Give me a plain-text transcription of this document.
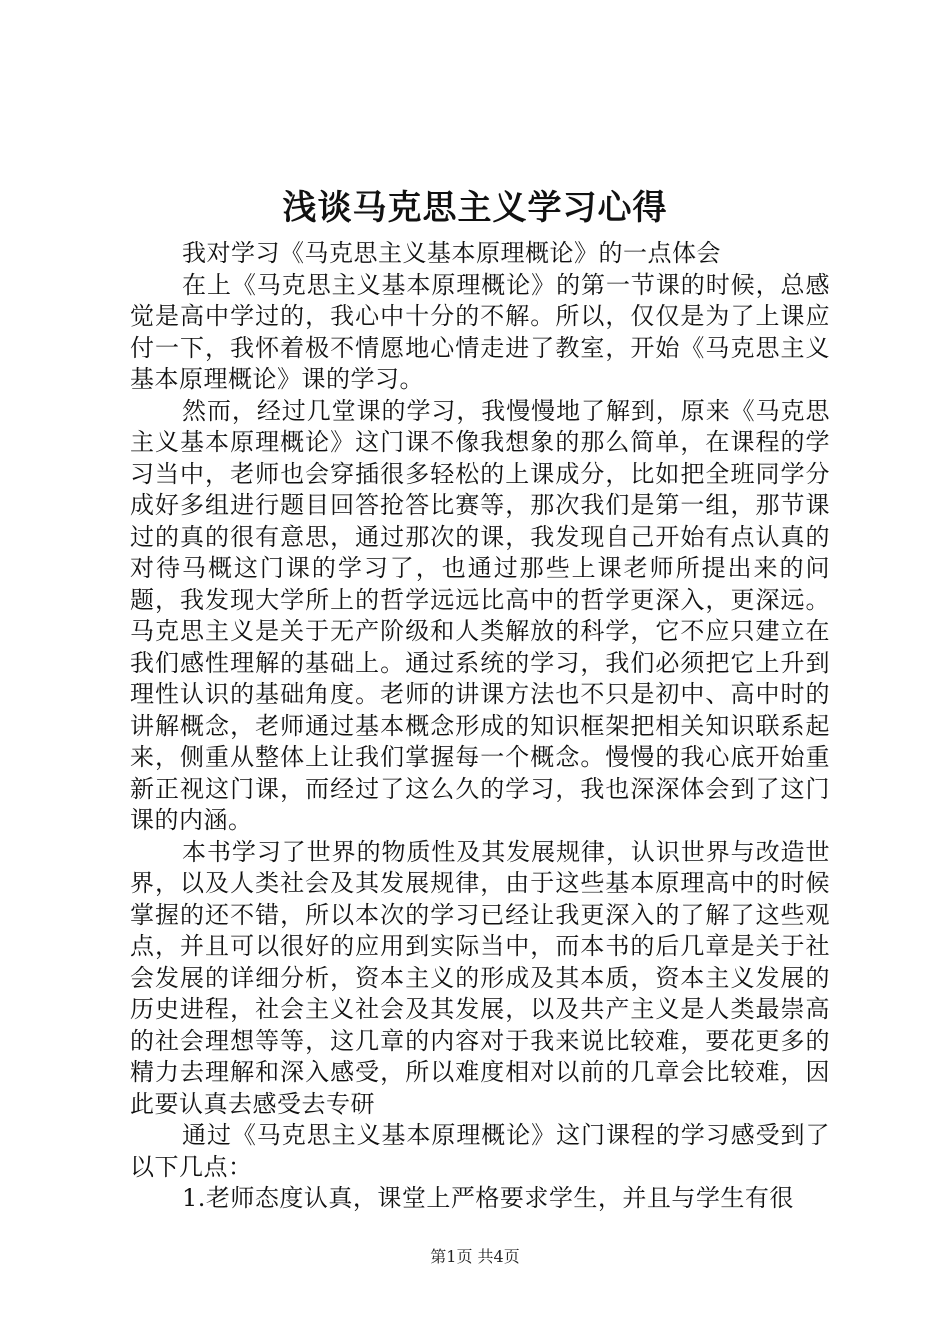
浅谈马克思主义学习心得

我对学习《马克思主义基本原理概论》的一点体会

在上《马克思主义基本原理概论》的第一节课的时候，总感觉是高中学过的，我心中十分的不解。所以，仅仅是为了上课应付一下，我怀着极不情愿地心情走进了教室，开始《马克思主义基本原理概论》课的学习。

然而，经过几堂课的学习，我慢慢地了解到，原来《马克思主义基本原理概论》这门课不像我想象的那么简单，在课程的学习当中，老师也会穿插很多轻松的上课成分，比如把全班同学分成好多组进行题目回答抢答比赛等，那次我们是第一组，那节课过的真的很有意思，通过那次的课，我发现自己开始有点认真的对待马概这门课的学习了，也通过那些上课老师所提出来的问题，我发现大学所上的哲学远远比高中的哲学更深入，更深远。马克思主义是关于无产阶级和人类解放的科学，它不应只建立在我们感性理解的基础上。通过系统的学习，我们必须把它上升到理性认识的基础角度。老师的讲课方法也不只是初中、高中时的讲解概念，老师通过基本概念形成的知识框架把相关知识联系起来，侧重从整体上让我们掌握每一个概念。慢慢的我心底开始重新正视这门课，而经过了这么久的学习，我也深深体会到了这门课的内涵。

本书学习了世界的物质性及其发展规律，认识世界与改造世界，以及人类社会及其发展规律，由于这些基本原理高中的时候掌握的还不错，所以本次的学习已经让我更深入的了解了这些观点，并且可以很好的应用到实际当中，而本书的后几章是关于社会发展的详细分析，资本主义的形成及其本质，资本主义发展的历史进程，社会主义社会及其发展，以及共产主义是人类最崇高的社会理想等等，这几章的内容对于我来说比较难，要花更多的精力去理解和深入感受，所以难度相对以前的几章会比较难，因此要认真去感受去专研

通过《马克思主义基本原理概论》这门课程的学习感受到了以下几点：

1.老师态度认真，课堂上严格要求学生，并且与学生有很

第1页 共4页
